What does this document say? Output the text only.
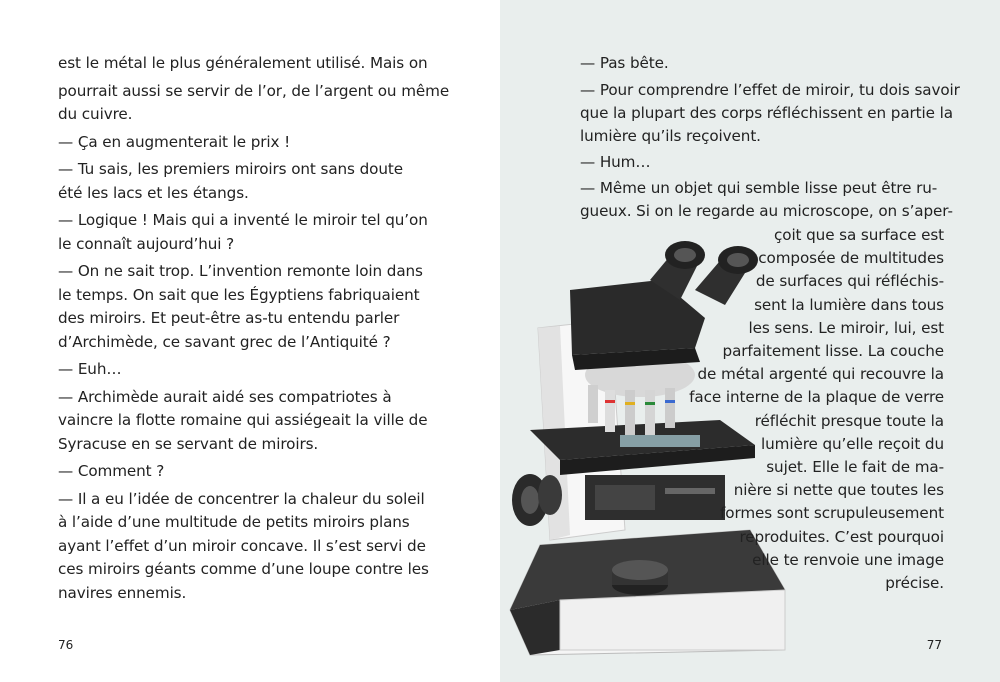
est le métal le plus généralement utilisé. Mais on
pourrait aussi se servir de l’or, de l’argent ou même
du cuivre.
— Ça en augmenterait le prix !
— Tu sais, les premiers miroirs ont sans doute
été les lacs et les étangs.
— Logique ! Mais qui a inventé le miroir tel qu’on
le connaît aujourd’hui ?
— On ne sait trop. L’invention remonte loin dans
le temps. On sait que les Égyptiens fabriquaient
des miroirs. Et peut-être as-tu entendu parler
d’Archimède, ce savant grec de l’Antiquité ?
— Euh…
— Archimède aurait aidé ses compatriotes à
vaincre la flotte romaine qui assiégeait la ville de
Syracuse en se servant de miroirs.
— Comment ?
— Il a eu l’idée de concentrer la chaleur du soleil
à l’aide d’une multitude de petits miroirs plans
ayant l’effet d’un miroir concave. Il s’est servi de
ces miroirs géants comme d’une loupe contre les
navires ennemis.
76	77
— Pas bête.
— Pour comprendre l’effet de miroir, tu dois savoir
que la plupart des corps réfléchissent en partie la
lumière qu’ils reçoivent.
— Hum…
— Même un objet qui semble lisse peut être ru-
gueux. Si on le regarde au microscope, on s’aper-
çoit que sa surface est
composée de multitudes
de surfaces qui réfléchis-
sent la lumière dans tous
les sens. Le miroir, lui, est
parfaitement lisse. La couche
de métal argenté qui recouvre la
face interne de la plaque de verre
réfléchit presque toute la
lumière qu’elle reçoit du
sujet. Elle le fait de ma-
nière si nette que toutes les
formes sont scrupuleusement
reproduites. C’est pourquoi
elle te renvoie une image
précise.
